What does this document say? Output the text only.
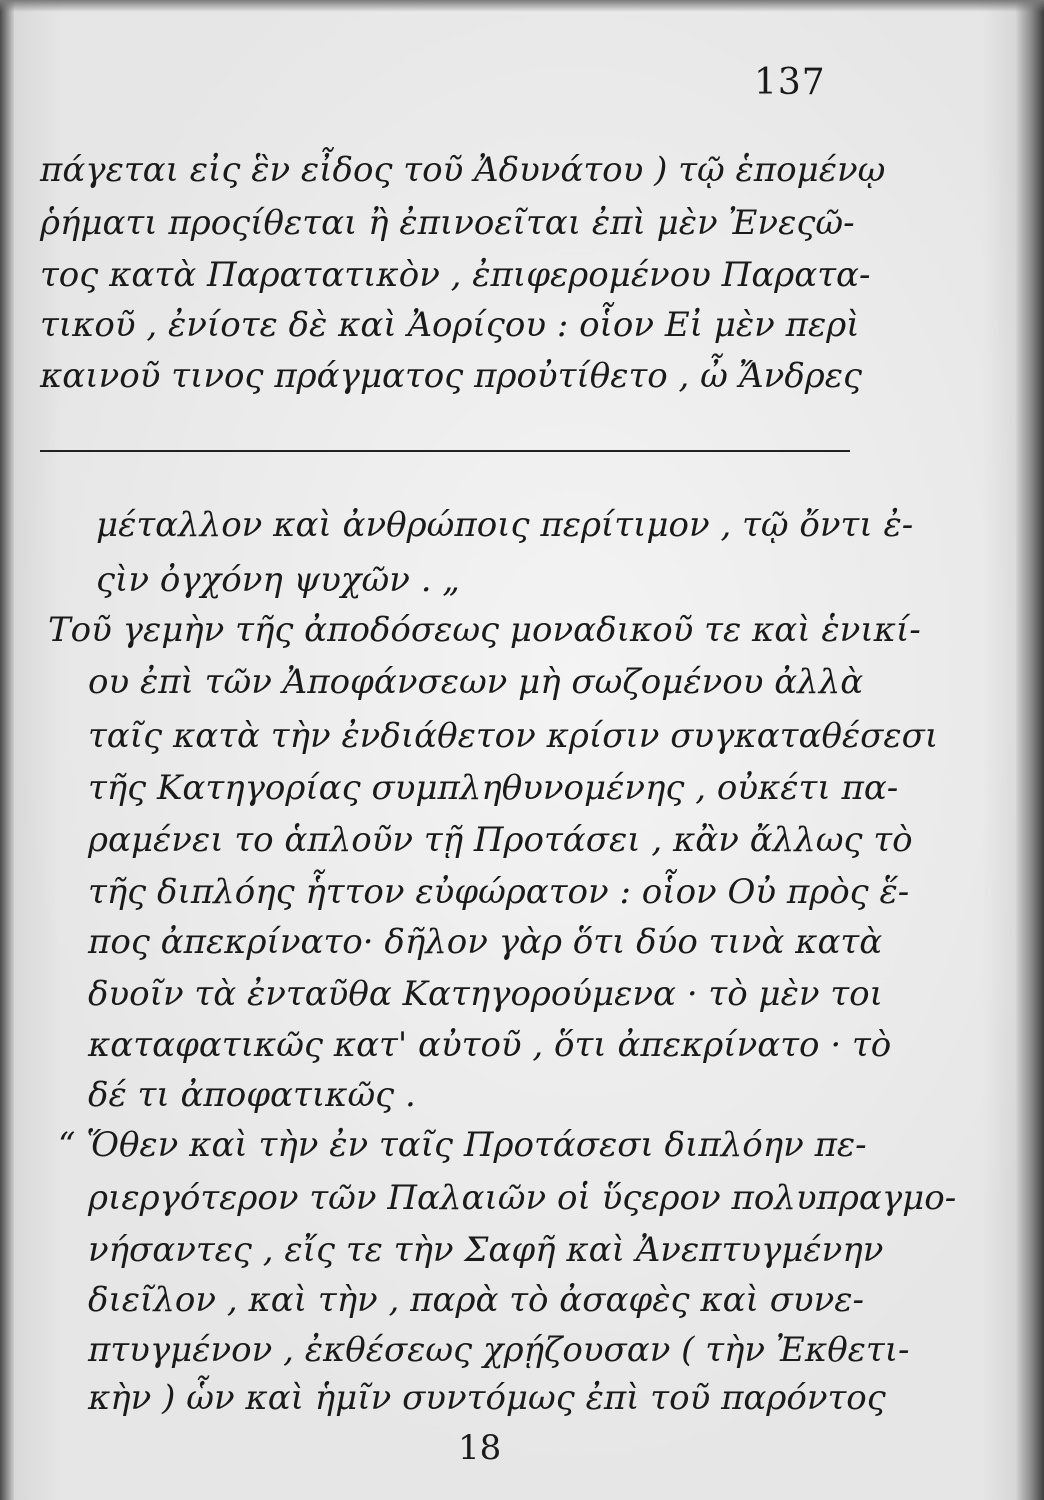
137
πάγεται εἰς ἓν εἶδος τοῦ Ἀδυνάτου ) τῷ ἑπομένῳ
ῥήματι προςίθεται ἢ ἐπινοεῖται ἐπὶ μὲν Ἐνεςῶ-
τος κατὰ Παρατατικὸν , ἐπιφερομένου Παρατα-
τικοῦ , ἐνίοτε δὲ καὶ Ἀορίςου : οἷον Εἰ μὲν περὶ
καινοῦ τινος πράγματος προὐτίθετο , ὦ Ἄνδρες
μέταλλον καὶ ἀνθρώποις περίτιμον , τῷ ὄντι ἐ-
ςὶν ὀγχόνη ψυχῶν . „
Τοῦ γεμὴν τῆς ἀποδόσεως μοναδικοῦ τε καὶ ἑνικί-
ου ἐπὶ τῶν Ἀποφάνσεων μὴ σωζομένου ἀλλὰ
ταῖς κατὰ τὴν ἐνδιάθετον κρίσιν συγκαταθέσεσι
τῆς Κατηγορίας συμπληθυνομένης , οὐκέτι πα-
ραμένει το ἁπλοῦν τῇ Προτάσει , κἂν ἄλλως τὸ
τῆς διπλόης ἧττον εὐφώρατον : οἷον Οὐ πρὸς ἕ-
πος ἀπεκρίνατο· δῆλον γὰρ ὅτι δύο τινὰ κατὰ
δυοῖν τὰ ἐνταῦθα Κατηγορούμενα · τὸ μὲν τοι
καταφατικῶς κατ' αὐτοῦ , ὅτι ἀπεκρίνατο · τὸ
δέ τι ἀποφατικῶς .
“ Ὅθεν καὶ τὴν ἐν ταῖς Προτάσεσι διπλόην πε-
ριεργότερον τῶν Παλαιῶν οἱ ὕςερον πολυπραγμο-
νήσαντες , εἴς τε τὴν Σαφῆ καὶ Ἀνεπτυγμένην
διεῖλον , καὶ τὴν , παρὰ τὸ ἀσαφὲς καὶ συνε-
πτυγμένον , ἐκθέσεως χρῄζουσαν ( τὴν Ἐκθετι-
κὴν ) ὧν καὶ ἡμῖν συντόμως ἐπὶ τοῦ παρόντος
18
